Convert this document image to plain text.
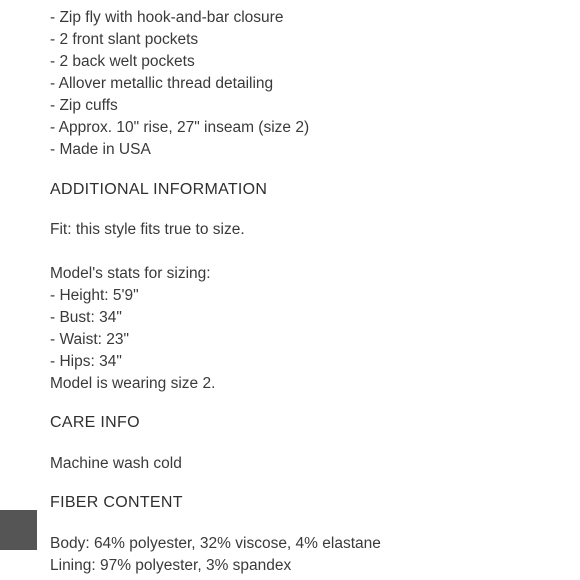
- Zip fly with hook-and-bar closure
- 2 front slant pockets
- 2 back welt pockets
- Allover metallic thread detailing
- Zip cuffs
- Approx. 10" rise, 27" inseam (size 2)
- Made in USA
ADDITIONAL INFORMATION
Fit: this style fits true to size.
Model's stats for sizing:
- Height: 5'9"
- Bust: 34"
- Waist: 23"
- Hips: 34"
Model is wearing size 2.
CARE INFO
Machine wash cold
FIBER CONTENT
Body: 64% polyester, 32% viscose, 4% elastane
Lining: 97% polyester, 3% spandex
